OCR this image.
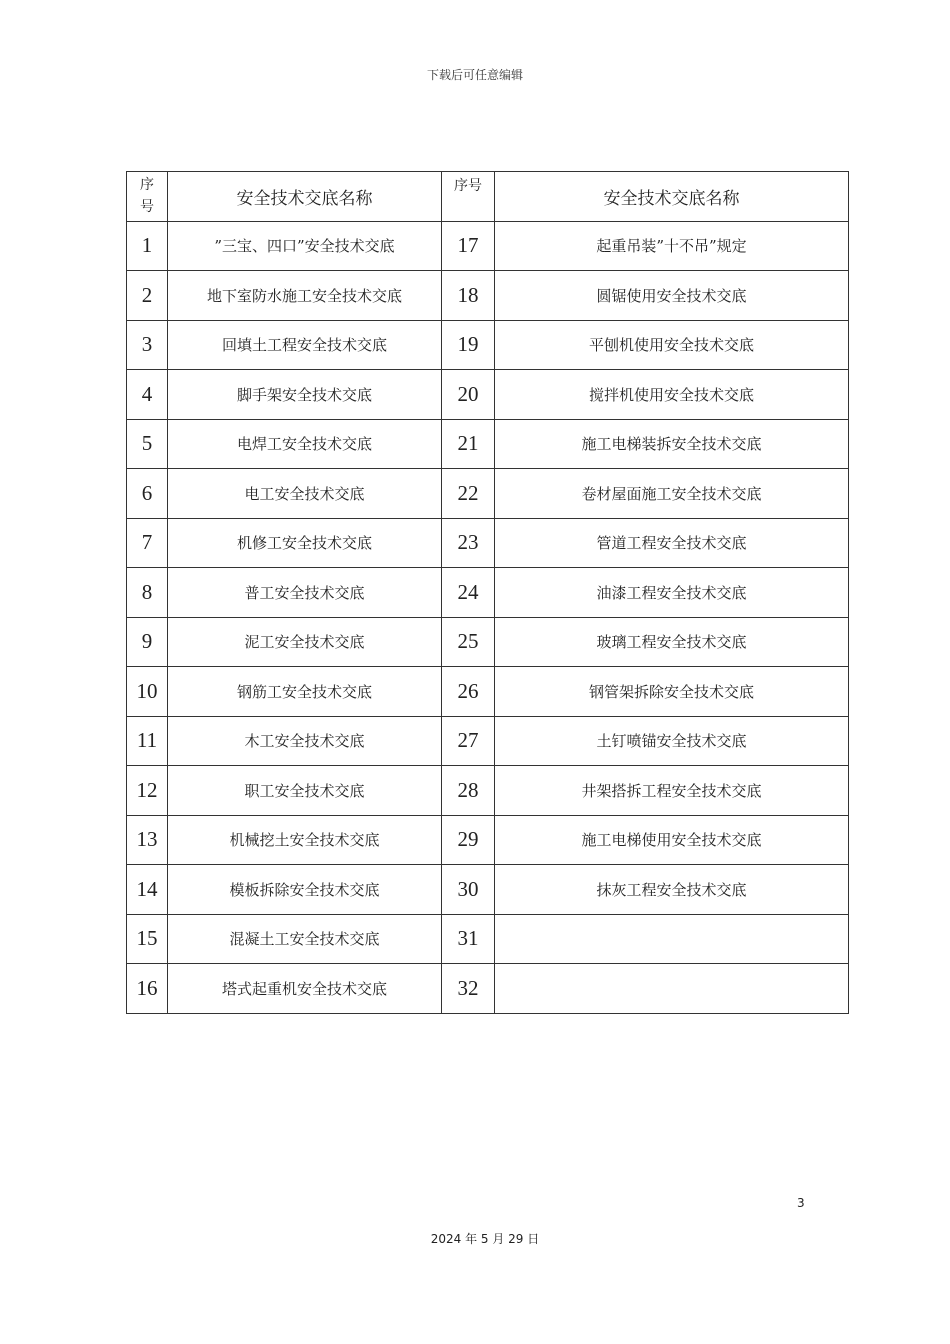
下载后可任意编辑
序
号	安全技术交底名称	序号	安全技术交底名称
1	”三宝、四口”安全技术交底	17	起重吊装”十不吊”规定
2	地下室防水施工安全技术交底	18	圆锯使用安全技术交底
3	回填土工程安全技术交底	19	平刨机使用安全技术交底
4	脚手架安全技术交底	20	搅拌机使用安全技术交底
5	电焊工安全技术交底	21	施工电梯装拆安全技术交底
6	电工安全技术交底	22	卷材屋面施工安全技术交底
7	机修工安全技术交底	23	管道工程安全技术交底
8	普工安全技术交底	24	油漆工程安全技术交底
9	泥工安全技术交底	25	玻璃工程安全技术交底
10	钢筋工安全技术交底	26	钢管架拆除安全技术交底
11	木工安全技术交底	27	土钉喷锚安全技术交底
12	职工安全技术交底	28	井架搭拆工程安全技术交底
13	机械挖土安全技术交底	29	施工电梯使用安全技术交底
14	模板拆除安全技术交底	30	抹灰工程安全技术交底
15	混凝土工安全技术交底	31	
16	塔式起重机安全技术交底	32	
3
2024 年 5 月 29 日
